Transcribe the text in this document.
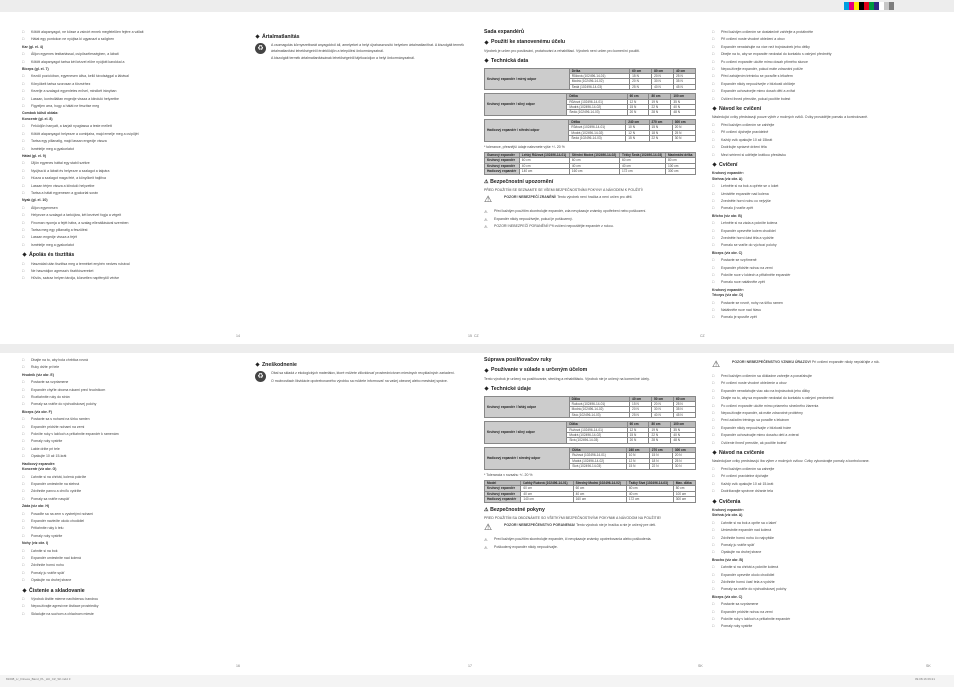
81608_Lr_Fitness_Band_PL_HU_CZ_SK.indd 3	09.08.16 09:21
14	15 CZ	CZ
16	17	SK	SK

□ Kötött alapanyagot, ne kösse a zsinórt ennek megfelelően fejére a vállait

□ Hátat egy pontokon ne nyújtsa ki ugyanazt a szögben

Kar (gl. el. 4)

□ Álljon egyenes testtartással, csípőszélességben, a lábait

□ Kötött alapanyagot tartsa két kézzel előre nyújtott karokkal a

Biceps (gl. el. 7)

□ Kezdő pozícióban, egyenesen állva, kellő távolsággal a lábával

□ Könyökeit tartsa szorosan a törzséhez

□ Kezelje a szalagot egyenletes erővel, mindkét irányban

□ Lassan, kontrolláltan engedje vissza a kiinduló helyzetbe

□ Figyeljen arra, hogy a hátát ne feszítse meg

Combok külső oldala:
Koncentr (gl. el. 8)

□ Feküdjön hanyatt, a karjait nyugtassa a teste mellett

□ Kötött alapanyagot helyezze a combjaira, majd emelje meg a csípőjét

□ Tartsa egy pillanatig, majd lassan engedje vissza

□ Ismételje meg a gyakorlatot

Hátat (gl. el. 9)

□ Üljön egyenes háttal egy stabil székre

□ Nyújtsa ki a lábait és helyezze a szalagot a talpára

□ Húzza a szalagot maga felé, a könyökeit hajlítva

□ Lassan térjen vissza a kiinduló helyzetbe

□ Tartsa a hátát egyenesen a gyakorlat során

Nyak (gl. el. 10)

□ Álljon egyenesen

□ Helyezze a szalagot a tarkójára, két kezével fogja a végeit

□ Finoman nyomja a fejét hátra, a szalag ellenállásával szemben

□ Tartsa meg egy pillanatig a feszülést

□ Lassan engedje vissza a fejét

□ Ismételje meg a gyakorlatot

Ápolás és tisztítás

□ Használat után tisztítsa meg a terméket enyhén nedves ruhával

□ Ne használjon agresszív tisztítószereket

□ Hűvös, száraz helyen tárolja, közvetlen napfénytől védve

Ártalmatlanítás

♻	A csomagolás környezetbarát anyagokból áll, amelyeket a helyi újrahasznosító helyeken ártalmatlaníthat. A kiszolgált termék ártalmatlanítási lehetőségeiről érdeklődjön a települési önkormányzatnál.

A kiszolgált termék ártalmatlanításának lehetőségeiről tájékozódjon a helyi önkormányzatnál.

Sada expandérů
Použití ke stanovenému účelu

Výrobek je určen pro posilování, protahování a rehabilitaci. Výrobek není určen pro komerční použití.

Technická data
Kruhový expandér / mírný odpor	Délka	60 cm	80 cm	40 cm
	Růžová (102496-14-01)	15 N	20 N	25 N
	Modrá (102496-14-02)	20 N	30 N	35 N
	Šedá (102496-14-03)	25 N	40 N	45 N
Kruhový expandér / silný odpor	Délka	60 cm	80 cm	100 cm
	Růžová (102496-14-01)	12 N	19 N	35 N
	Modrá (102496-14-02)	15 N	22 N	40 N
	Šedá (102496-14-03)	20 N	28 N	48 N
Hadicový expandér / střední odpor	Délka	240 cm	270 cm	300 cm
	Růžová (102496-14-01)	10 N	15 N	20 N
	Modrá (102496-14-02)	12 N	18 N	25 N
	Šedá (102496-14-03)	15 N	22 N	30 N

* tolerance, přesnější údaje naleznete výše +/- 20 %

Gumový expandér	Lehký Růžová (102496-14-01)	Střední Modrá (102496-14-02)	Těžký Šedá (102496-14-03)	Maximální délka
Kruhový expandér	60 cm	60 cm	60 cm	80 cm
Kruhový expandér	40 cm	40 cm	40 cm	100 cm
Hadicový expandér	140 cm	160 cm	172 cm	300 cm
⚠ Bezpečnostní upozornění

PŘED POUŽITÍM SE SEZNAMTE SE VŠEMI BEZPEČNOSTNÍMI POKYNY A NÁVODEM K POUŽITÍ!

⚠	POZOR! NEBEZPEČÍ ZRANĚNÍ! Tento výrobek není hračka a není určen pro děti.

⚠ Před každým použitím zkontrolujte expandér, zda nevykazuje známky opotřebení nebo poškození.

⚠ Expandér nikdy nepoužívejte, pokud je poškozený.

⚠ POZOR! NEBEZPEČÍ PORANĚNÍ! Při cvičení nepouštějte expandér z rukou.

□ Před každým cvičením se dostatečně zahřejte a protáhněte

□ Při cvičení noste vhodné oblečení a obuv

□ Expandér nenatahujte na více než trojnásobek jeho délky

□ Dbejte na to, aby se expandér nedostal do kontaktu s ostrými předměty

□ Po cvičení expandér uložte mimo dosah přímého slunce

□ Nepoužívejte expandér, pokud máte zdravotní potíže

□ Před zahájením tréninku se poraďte s lékařem

□ Expandér nikdy nepoužívejte v blízkosti obličeje

□ Expandér uchovávejte mimo dosah dětí a zvířat

□ Cvičení ihned přerušte, pokud pocítíte bolest

Návod ke cvičení

Následující cviky představují pouze výběr z možných cviků. Cviky provádějte pomalu a kontrolovaně.

□ Před každým cvičením se zahřejte

□ Při cvičení dýchejte pravidelně

□ Každý cvik opakujte 10 až 15krát

□ Dodržujte správné držení těla

□ Mezi sériemi si udělejte krátkou přestávku

Cvičení

Kruhový expandér:
Stehna (viz obr. A)

□ Lehněte si na bok a opřete se o loket

□ Umístěte expandér nad kolena

□ Zvedněte horní nohu co nejvýše

□ Pomalu ji vraťte zpět

Břicho (viz obr. B)

□ Lehněte si na záda a pokrčte kolena

□ Expandér upevněte kolem chodidel

□ Zvedněte horní část těla a vydržte

□ Pomalu se vraťte do výchozí polohy

Biceps (viz obr. C)

□ Postavte se vzpřímeně

□ Expandér přidržte nohou na zemi

□ Pokrčte ruce v loktech a přitáhněte expandér

□ Pomalu ruce natáhněte zpět

Kruhový expandér:
Triceps (viz obr. D)

□ Postavte se rovně, nohy na šířku ramen

□ Natáhněte ruce nad hlavu

□ Pomalu je spusťte zpět

□ Dbajte na to, aby bola chrbtica rovná

□ Ruky držte pri tele

Hrudník (viz obr. E)

□ Postavte sa vzpriamene

□ Expandér chyťte oboma rukami pred hrudníkom

□ Roztiahnite ruky do strán

□ Pomaly sa vráťte do východiskovej polohy

Biceps (viz obr. F)

□ Postavte sa s nohami na šírku ramien

□ Expandér pridržte nohami na zemi

□ Pokrčte ruky v lakťoch a pritiahnite expandér k ramenám

□ Pomaly ruky vystrite

□ Lakte držte pri tele

□ Opakujte 10 až 15-krát

Hadicový expandér:
Koncentr (viz obr. G)

□ Ľahnite si na chrbát, kolená pokrčte

□ Expandér umiestnite na stehná

□ Zdvihnite panvu a chvíľu vydržte

□ Pomaly sa vráťte naspäť

Záda (viz obr. H)

□ Posaďte sa na zem s vystretými nohami

□ Expandér navlečte okolo chodidiel

□ Pritiahnite ruky k telu

□ Pomaly ruky vystrite

Nohy (viz obr. I)

□ Ľahnite si na bok

□ Expandér umiestnite nad kolená

□ Zdvihnite hornú nohu

□ Pomaly ju vráťte späť

□ Opakujte na druhej strane

Čistenie a skladovanie

□ Výrobok čistite mierne navlhčenou handrou

□ Nepoužívajte agresívne čistiace prostriedky

□ Skladujte na suchom a chladnom mieste

Zneškodnenie

♻	Obal sa skladá z ekologických materiálov, ktoré môžete zlikvidovať prostredníctvom miestnych recyklačných zariadení.

O možnostiach likvidácie opotrebovaného výrobku sa môžete informovať na vašej obecnej alebo mestskej správe.

Súprava posilňovačov ruky
Používanie v súlade s určeným účelom

Tento výrobok je určený na posilňovanie, strečing a rehabilitáciu. Výrobok nie je určený na komerčné účely.

Technické údaje
Kruhový expandér / ľahký odpor	Dĺžka	40 cm	50 cm	60 cm
	Ružová (102496-14-01)	15 N	20 N	25 N
	Modrá (102496-14-02)	20 N	30 N	35 N
	Sivá (102496-14-03)	25 N	40 N	45 N
Kruhový expandér / silný odpor	Dĺžka	60 cm	80 cm	100 cm
	Ružová (102496-14-01)	12 N	19 N	35 N
	Modrá (102496-14-02)	15 N	22 N	40 N
	Sivá (102496-14-03)	20 N	28 N	48 N
Hadicový expandér / stredný odpor	Dĺžka	240 cm	270 cm	300 cm
	Ružová (102496-14-01)	10 N	15 N	20 N
	Modrá (102496-14-02)	12 N	18 N	25 N
	Sivá (102496-14-03)	15 N	22 N	30 N

* Tolerancia v rozsahu +/- 20 %

Model	Ľahký Ružová (102496-14-01)	Stredný Modrá (102496-14-02)	Ťažký Sivá (102496-14-03)	Max. dĺžka
Kruhový expandér	60 cm	60 cm	60 cm	80 cm
Kruhový expandér	40 cm	40 cm	40 cm	100 cm
Hadicový expandér	140 cm	160 cm	172 cm	300 cm
⚠ Bezpečnostné pokyny

PRED POUŽITÍM SA OBOZNÁMTE SO VŠETKÝMI BEZPEČNOSTNÝMI POKYNMI A NÁVODOM NA POUŽITIE!

⚠	POZOR! NEBEZPEČENSTVO PORANENIA! Tento výrobok nie je hračka a nie je určený pre deti.

⚠ Pred každým použitím skontrolujte expandér, či nevykazuje známky opotrebovania alebo poškodenia.

⚠ Poškodený expandér nikdy nepoužívajte.

⚠	POZOR! NEBEZPEČENSTVO VZNIKU ÚRAZOV! Pri cvičení expandér nikdy nepúšťajte z rúk.

□ Pred každým cvičením sa dôkladne zahrejte a ponaťahujte

□ Pri cvičení noste vhodné oblečenie a obuv

□ Expandér nenaťahujte viac ako na trojnásobok jeho dĺžky

□ Dbajte na to, aby sa expandér nedostal do kontaktu s ostrými predmetmi

□ Po cvičení expandér uložte mimo priameho slnečného žiarenia

□ Nepoužívajte expandér, ak máte zdravotné problémy

□ Pred začatím tréningu sa poraďte s lekárom

□ Expandér nikdy nepoužívajte v blízkosti tváre

□ Expandér uchovávajte mimo dosahu detí a zvierat

□ Cvičenie ihneď prerušte, ak pocítite bolesť

Návod na cvičenie

Nasledujúce cviky predstavujú iba výber z možných cvikov. Cviky vykonávajte pomaly a kontrolovane.

□ Pred každým cvičením sa zahrejte

□ Pri cvičení pravidelne dýchajte

□ Každý cvik opakujte 10 až 15-krát

□ Dodržiavajte správne držanie tela

Cvičenia

Kruhový expandér:
Stehná (viz obr. A)

□ Ľahnite si na bok a oprite sa o lakeť

□ Umiestnite expandér nad kolená

□ Zdvihnite hornú nohu čo najvyššie

□ Pomaly ju vráťte späť

□ Opakujte na druhej strane

Brucho (viz obr. B)

□ Ľahnite si na chrbát a pokrčte kolená

□ Expandér upevnite okolo chodidiel

□ Zdvihnite hornú časť tela a vydržte

□ Pomaly sa vráťte do východiskovej polohy

Biceps (viz obr. C)

□ Postavte sa vzpriamene

□ Expandér pridržte nohou na zemi

□ Pokrčte ruky v lakťoch a pritiahnite expandér

□ Pomaly ruky vystrite
